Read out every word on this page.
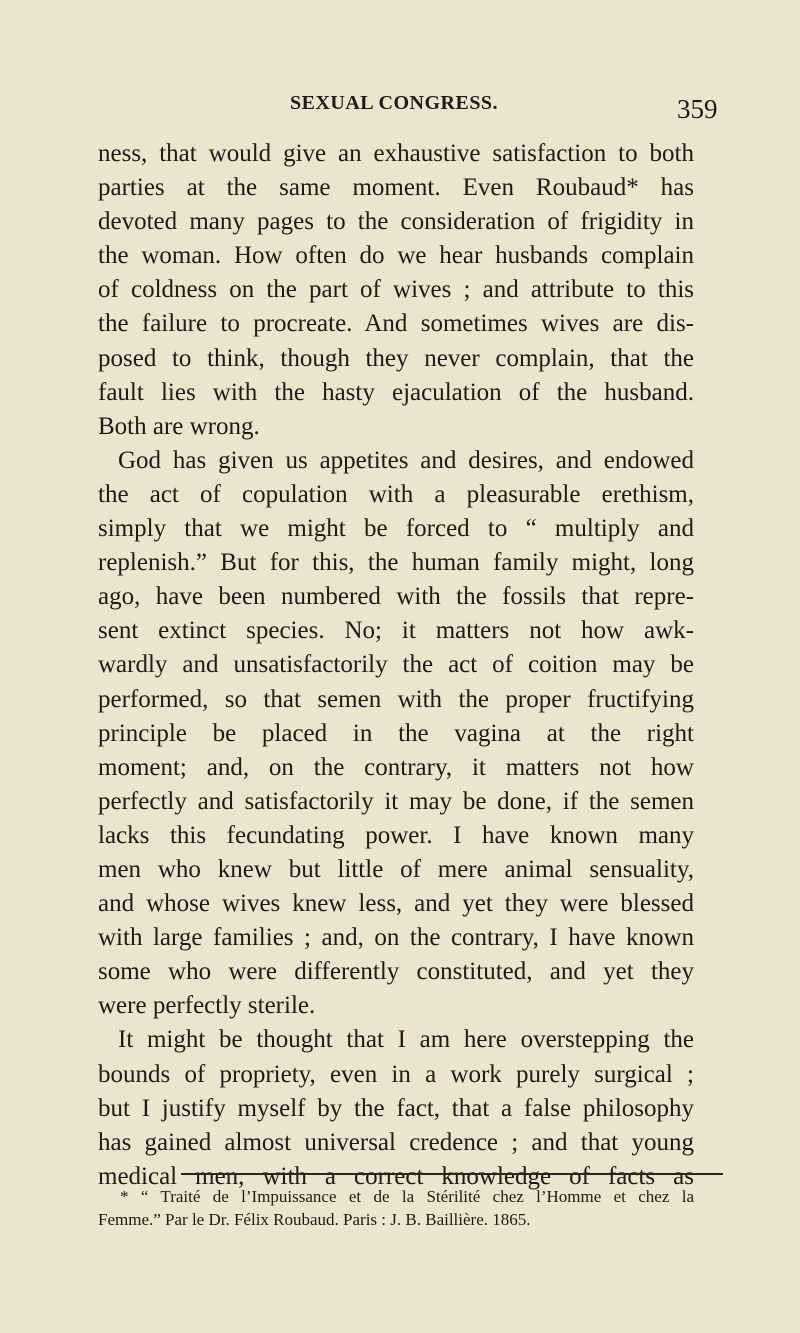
SEXUAL CONGRESS.	359
ness, that would give an exhaustive satisfaction to both
parties at the same moment. Even Roubaud* has
devoted many pages to the consideration of frigidity in
the woman. How often do we hear husbands complain
of coldness on the part of wives ; and attribute to this
the failure to procreate. And sometimes wives are dis-
posed to think, though they never complain, that the
fault lies with the hasty ejaculation of the husband.
Both are wrong.
God has given us appetites and desires, and endowed
the act of copulation with a pleasurable erethism,
simply that we might be forced to “ multiply and
replenish.” But for this, the human family might, long
ago, have been numbered with the fossils that repre-
sent extinct species. No; it matters not how awk-
wardly and unsatisfactorily the act of coition may be
performed, so that semen with the proper fructifying
principle be placed in the vagina at the right
moment; and, on the contrary, it matters not how
perfectly and satisfactorily it may be done, if the semen
lacks this fecundating power. I have known many
men who knew but little of mere animal sensuality,
and whose wives knew less, and yet they were blessed
with large families ; and, on the contrary, I have known
some who were differently constituted, and yet they
were perfectly sterile.
It might be thought that I am here overstepping the
bounds of propriety, even in a work purely surgical ;
but I justify myself by the fact, that a false philosophy
has gained almost universal credence ; and that young
medical men, with a correct knowledge of facts as
* “ Traité de l’Impuissance et de la Stérilité chez l’Homme et chez la
Femme.” Par le Dr. Félix Roubaud. Paris : J. B. Baillière. 1865.
